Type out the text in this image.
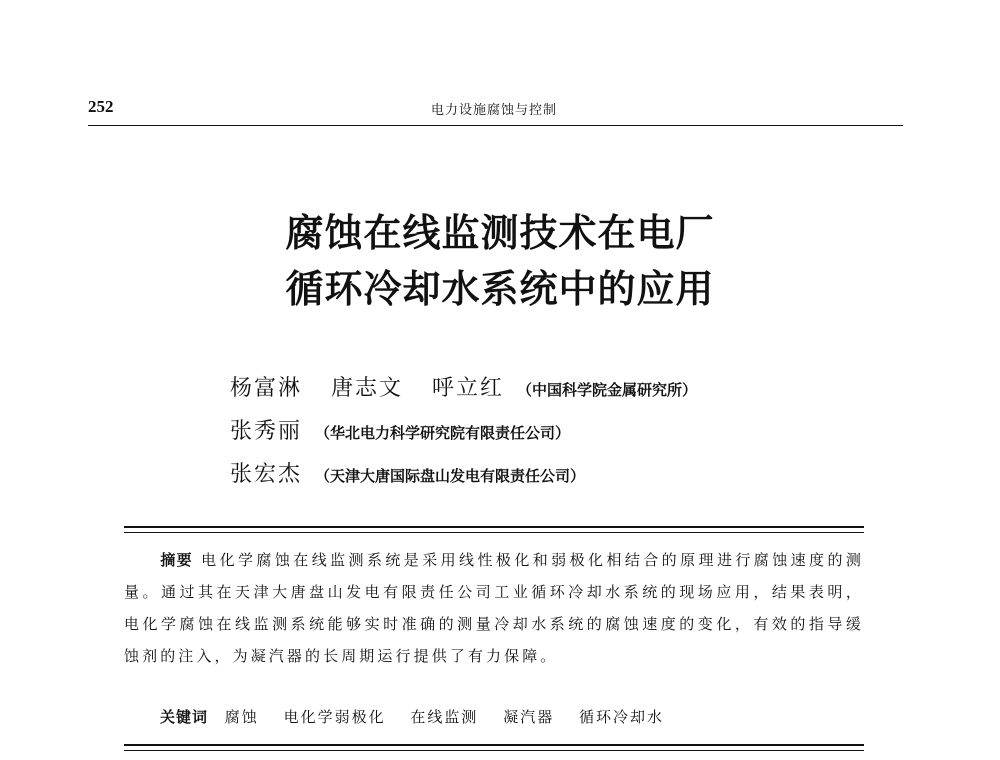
252	电力设施腐蚀与控制
腐蚀在线监测技术在电厂
循环冷却水系统中的应用
杨富淋 唐志文 呼立红 （中国科学院金属研究所）
张秀丽 （华北电力科学研究院有限责任公司）
张宏杰 （天津大唐国际盘山发电有限责任公司）
摘要 电化学腐蚀在线监测系统是采用线性极化和弱极化相结合的原理进行腐蚀速度的测量。通过其在天津大唐盘山发电有限责任公司工业循环冷却水系统的现场应用，结果表明，电化学腐蚀在线监测系统能够实时准确的测量冷却水系统的腐蚀速度的变化，有效的指导缓蚀剂的注入，为凝汽器的长周期运行提供了有力保障。
关键词 腐蚀 电化学弱极化 在线监测 凝汽器 循环冷却水
